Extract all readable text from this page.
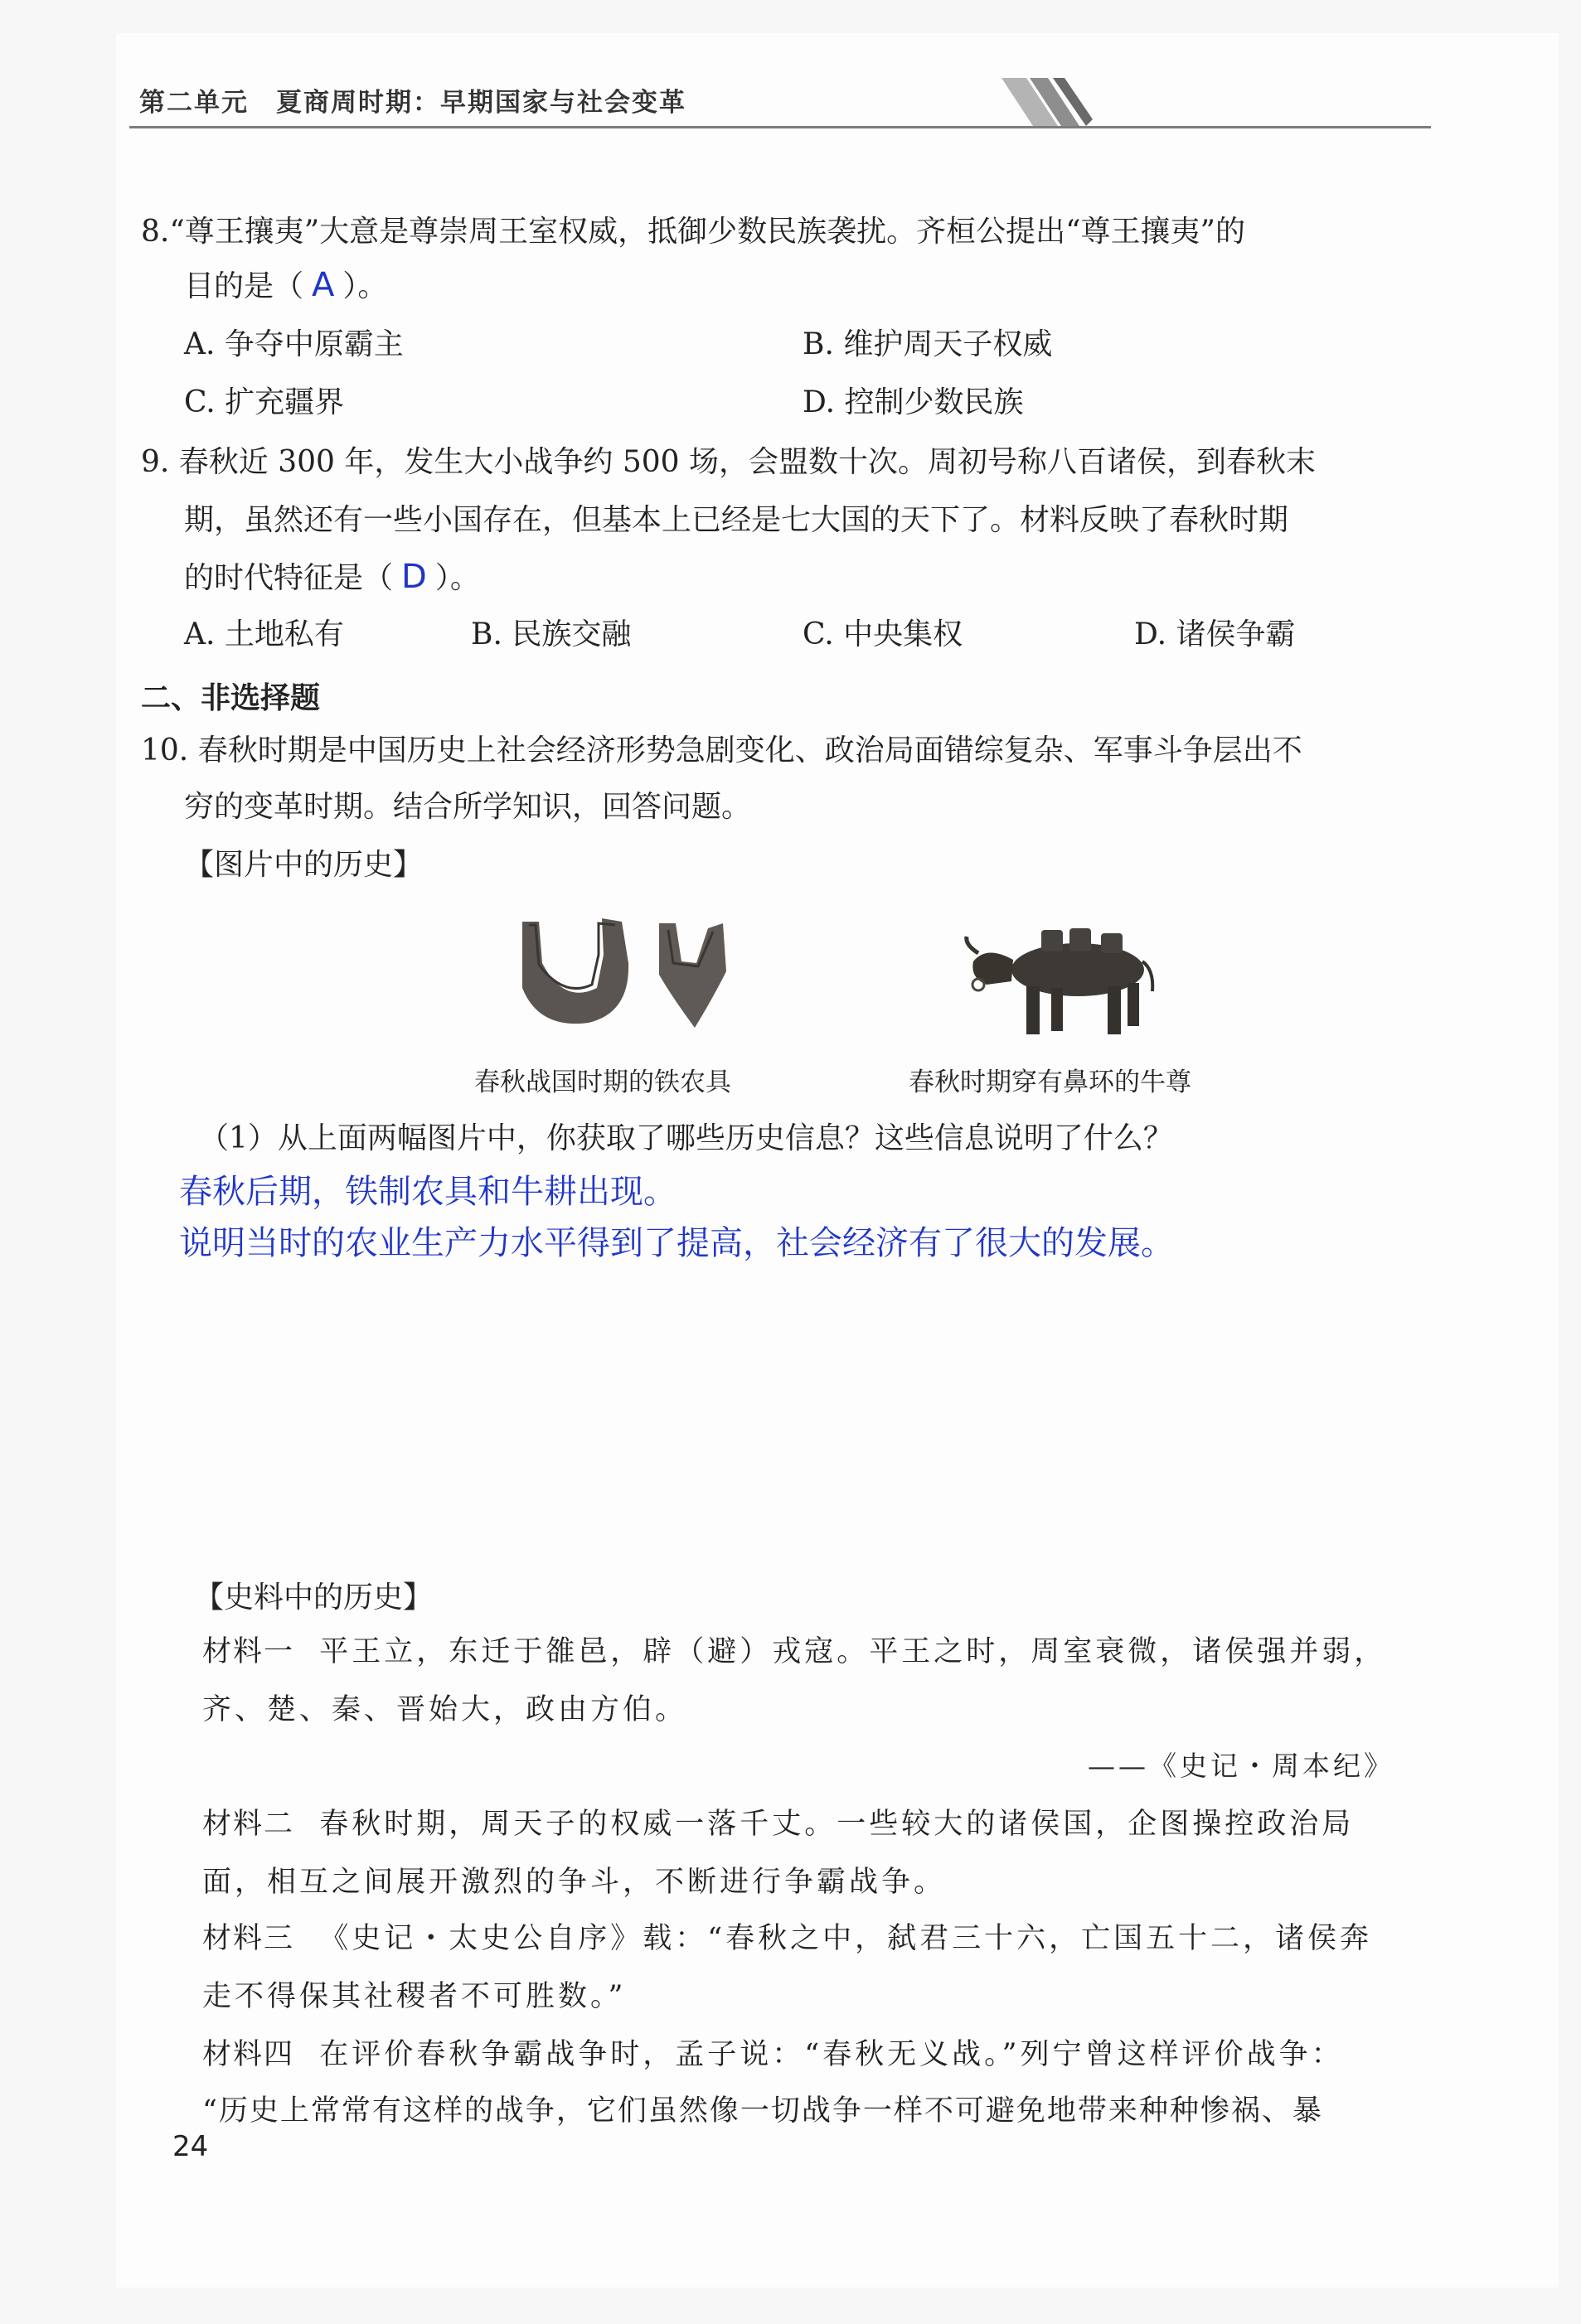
第二单元　夏商周时期：早期国家与社会变革
8.“尊王攘夷”大意是尊崇周王室权威，抵御少数民族袭扰。齐桓公提出“尊王攘夷”的
目的是（ A ）。
A. 争夺中原霸主	B. 维护周天子权威
C. 扩充疆界	D. 控制少数民族
9. 春秋近 300 年，发生大小战争约 500 场，会盟数十次。周初号称八百诸侯，到春秋末
期，虽然还有一些小国存在，但基本上已经是七大国的天下了。材料反映了春秋时期
的时代特征是（ D ）。
A. 土地私有	B. 民族交融	C. 中央集权	D. 诸侯争霸
二、非选择题
10. 春秋时期是中国历史上社会经济形势急剧变化、政治局面错综复杂、军事斗争层出不
穷的变革时期。结合所学知识，回答问题。
【图片中的历史】
春秋战国时期的铁农具	春秋时期穿有鼻环的牛尊
（1）从上面两幅图片中，你获取了哪些历史信息？这些信息说明了什么？
春秋后期，铁制农具和牛耕出现。
说明当时的农业生产力水平得到了提高，社会经济有了很大的发展。
【史料中的历史】
材料一 平王立，东迁于雒邑，辟（避）戎寇。平王之时，周室衰微，诸侯强并弱，
齐、楚、秦、晋始大，政由方伯。
——《史记・周本纪》
材料二 春秋时期，周天子的权威一落千丈。一些较大的诸侯国，企图操控政治局
面，相互之间展开激烈的争斗，不断进行争霸战争。
材料三 《史记・太史公自序》载：“春秋之中，弑君三十六，亡国五十二，诸侯奔
走不得保其社稷者不可胜数。”
材料四 在评价春秋争霸战争时，孟子说：“春秋无义战。”列宁曾这样评价战争：
“历史上常常有这样的战争，它们虽然像一切战争一样不可避免地带来种种惨祸、暴
24
